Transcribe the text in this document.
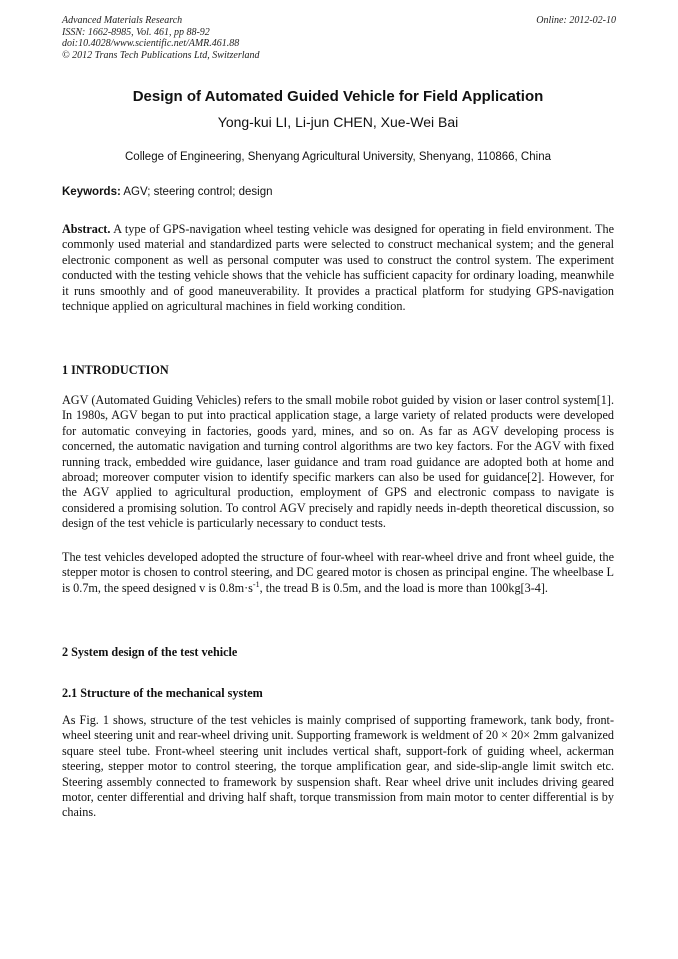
Advanced Materials Research
ISSN: 1662-8985, Vol. 461, pp 88-92
doi:10.4028/www.scientific.net/AMR.461.88
© 2012 Trans Tech Publications Ltd, Switzerland
Online: 2012-02-10
Design of Automated Guided Vehicle for Field Application
Yong-kui LI, Li-jun CHEN, Xue-Wei Bai
College of Engineering, Shenyang Agricultural University, Shenyang, 110866, China
Keywords: AGV; steering control; design

Abstract. A type of GPS-navigation wheel testing vehicle was designed for operating in field environment. The commonly used material and standardized parts were selected to construct mechanical system; and the general electronic component as well as personal computer was used to construct the control system. The experiment conducted with the testing vehicle shows that the vehicle has sufficient capacity for ordinary loading, meanwhile it runs smoothly and of good maneuverability. It provides a practical platform for studying GPS-navigation technique applied on agricultural machines in field working condition.

1 INTRODUCTION

AGV (Automated Guiding Vehicles) refers to the small mobile robot guided by vision or laser control system[1]. In 1980s, AGV began to put into practical application stage, a large variety of related products were developed for automatic conveying in factories, goods yard, mines, and so on. As far as AGV developing process is concerned, the automatic navigation and turning control algorithms are two key factors. For the AGV with fixed running track, embedded wire guidance, laser guidance and tram road guidance are adopted both at home and abroad; moreover computer vision to identify specific markers can also be used for guidance[2]. However, for the AGV applied to agricultural production, employment of GPS and electronic compass to navigate is considered a promising solution. To control AGV precisely and rapidly needs in-depth theoretical discussion, so design of the test vehicle is particularly necessary to conduct tests.

The test vehicles developed adopted the structure of four-wheel with rear-wheel drive and front wheel guide, the stepper motor is chosen to control steering, and DC geared motor is chosen as principal engine. The wheelbase L is 0.7m, the speed designed v is $0.8m\cdot s^{-1}$, the tread B is 0.5m, and the load is more than 100kg[3-4].

2 System design of the test vehicle
2.1 Structure of the mechanical system

As Fig. 1 shows, structure of the test vehicles is mainly comprised of supporting framework, tank body, front-wheel steering unit and rear-wheel driving unit. Supporting framework is weldment of 20 × 20× 2mm galvanized square steel tube. Front-wheel steering unit includes vertical shaft, support-fork of guiding wheel, ackerman steering, stepper motor to control steering, the torque amplification gear, and side-slip-angle limit switch etc. Steering assembly connected to framework by suspension shaft. Rear wheel drive unit includes driving geared motor, center differential and driving half shaft, torque transmission from main motor to center differential is by chains.
